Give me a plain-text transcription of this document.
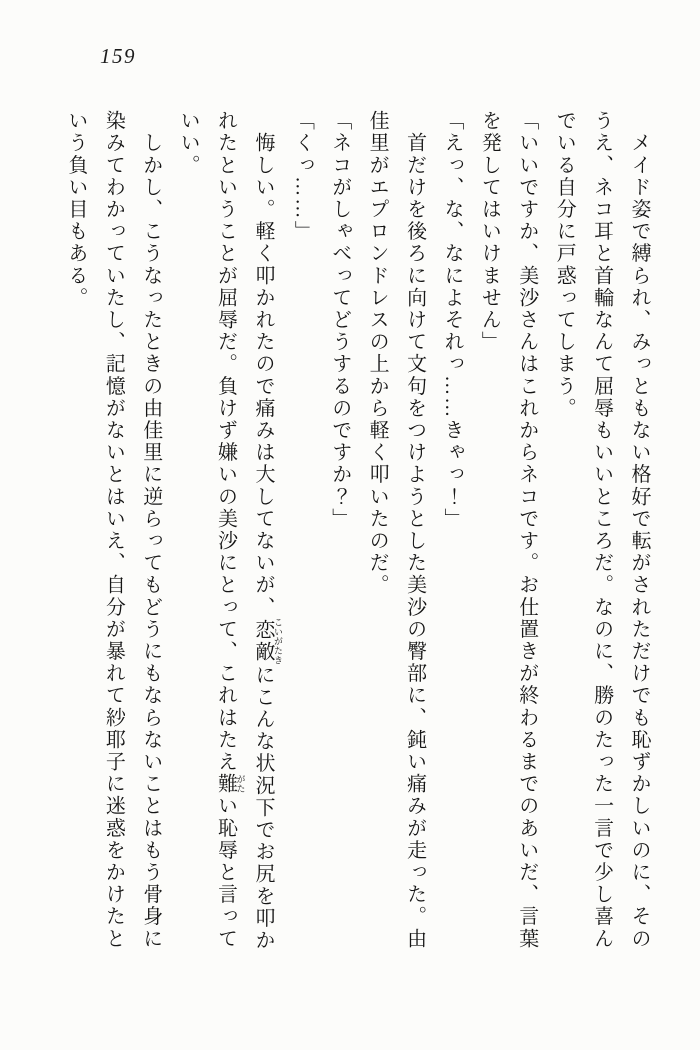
159

　メイド姿で縛られ、みっともない格好で転がされただけでも恥ずかしいのに、そのうえ、ネコ耳と首輪なんて屈辱もいいところだ。なのに、勝のたった一言で少し喜んでいる自分に戸惑ってしまう。

「いいですか、美沙さんはこれからネコです。お仕置きが終わるまでのあいだ、言葉を発してはいけません」

「えっ、な、なによそれっ……きゃっ！」

　首だけを後ろに向けて文句をつけようとした美沙の臀部に、鈍い痛みが走った。由佳里がエプロンドレスの上から軽く叩いたのだ。

「ネコがしゃべってどうするのですか？」

「くっ……」

　悔しい。軽く叩かれたので痛みは大してないが、恋敵 こいがたきにこんな状況下でお尻を叩かれたということが屈辱だ。負けず嫌いの美沙にとって、これはたえ難 がたい恥辱と言っていい。

　しかし、こうなったときの由佳里に逆らってもどうにもならないことはもう骨身に染みてわかっていたし、記憶がないとはいえ、自分が暴れて紗耶子に迷惑をかけたという負い目もある。
